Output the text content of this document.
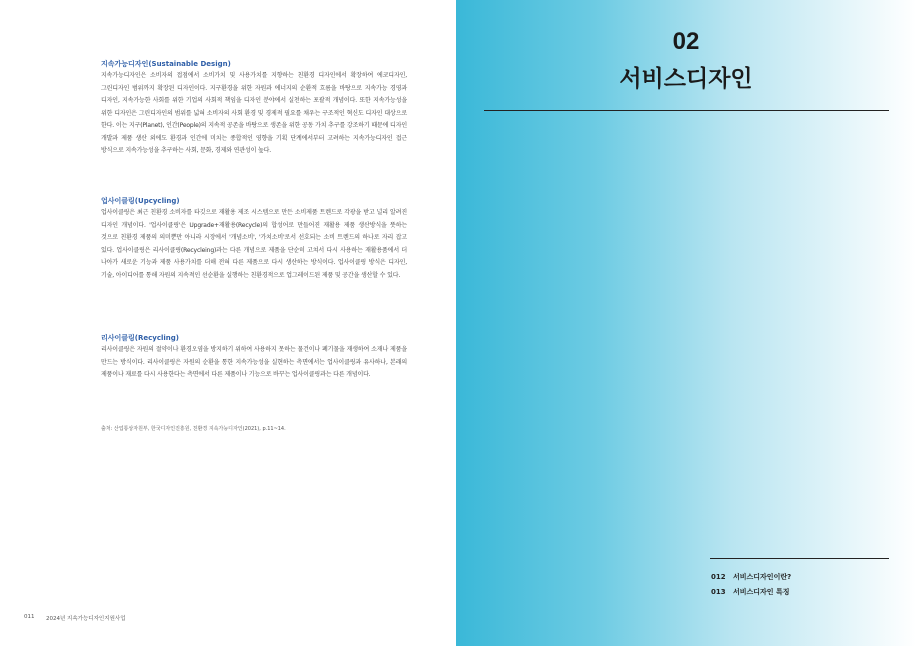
지속가능디자인(Sustainable Design)

지속가능디자인은 소비자의 접점에서 소비가치 및 사용가치를 지향하는 친환경 디자인에서 확장하여 에코디자인, 그린디자인 범위까지 확장된 디자인이다. 지구환경을 위한 자원과 에너지의 순환적 흐름을 바탕으로 지속가능 경영과 디자인, 지속가능한 사회를 위한 기업의 사회적 책임을 디자인 분야에서 실천하는 포괄적 개념이다. 또한 지속가능성을 위한 디자인은 그린디자인의 범위를 넓혀 소비자의 사회 환경 및 경제적 필요를 채우는 구조적인 혁신도 디자인 대상으로 한다. 이는 지구(Planet), 인간(People)의 지속적 공존을 바탕으로 생존을 위한 공동 가치 추구를 강조하기 때문에 디자인 개발과 제품 생산 외에도 환경과 인간에 미치는 종합적인 영향을 기획 단계에서부터 고려하는 지속가능디자인 접근 방식으로 지속가능성을 추구하는 사회, 문화, 경제와 연관성이 높다.

업사이클링(Upcycling)

업사이클링은 최근 친환경 소비자를 타깃으로 재활용 제조 시스템으로 만든 소비제품 트렌드로 각광을 받고 널리 알려진 디자인 개념이다. '업사이클링'은 Upgrade+재활용(Recycle)의 합성어로 만들어진 재활용 제품 생산방식을 뜻하는 것으로 친환경 제품의 의미뿐만 아니라 시장에서 '개념소비', '가치소비'로서 선호되는 소비 트렌드의 하나로 자리 잡고 있다. 업사이클링은 리사이클링(Recycleing)과는 다른 개념으로 제품을 단순히 고쳐서 다시 사용하는 재활용품에서 더 나아가 새로운 기능과 제품 사용가치를 더해 전혀 다른 제품으로 다시 생산하는 방식이다. 업사이클링 방식은 디자인, 기술, 아이디어를 통해 자원의 지속적인 선순환을 실행하는 친환경적으로 업그레이드된 제품 및 공간을 생산할 수 있다.

리사이클링(Recycling)

리사이클링은 자원의 절약이나 환경오염을 방지하기 위하여 사용하지 못하는 물건이나 폐기물을 재생하여 소재나 제품을 만드는 방식이다. 리사이클링은 자원의 순환을 통한 지속가능성을 실현하는 측면에서는 업사이클링과 유사하나, 본래의 제품이나 재료를 다시 사용한다는 측면에서 다른 제품이나 기능으로 바꾸는 업사이클링과는 다른 개념이다.

출처: 산업통상자원부, 한국디자인진흥원, 친환경 지속가능디자인(2021), p.11~14.
011 2024년 지속가능디자인지원사업
02
서비스디자인
012	서비스디자인이란?
013	서비스디자인 특징
